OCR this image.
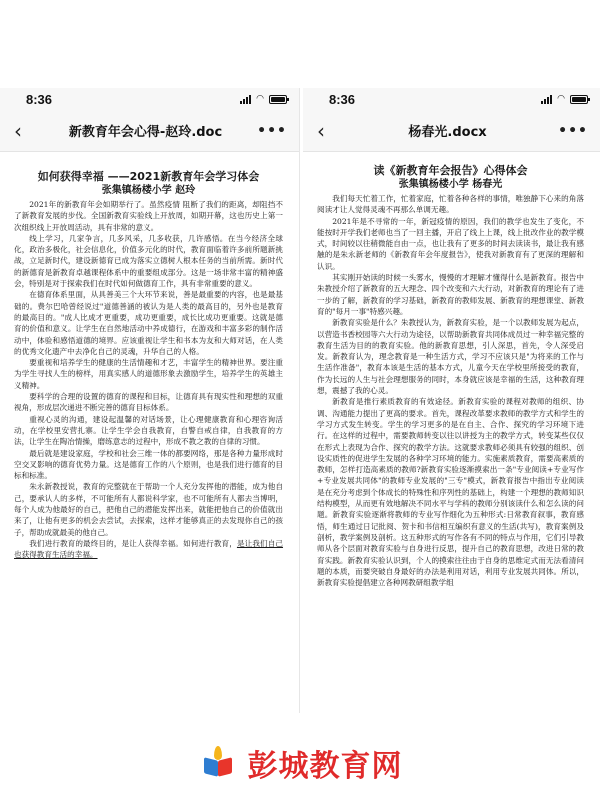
8:36	◠
‹	新教育年会心得-赵玲.doc •••
如何获得幸福 ——2021新教育年会学习体会
张集镇杨楼小学 赵玲

2021年的新教育年会如期举行了。虽然疫情 阻断了我们的距离，却阻挡不了新教育发展的步伐。全国新教育实验线上开放周，如期开幕，这也历史上第一次组织线上开放周活动，具有非常的意义。

线上学习，几家争言，几多风采，几多收获，几许感悟。在当今经济全球化，政治多极化，社会信息化，价值多元化的时代，教育面临着许多前所题新挑战，立足新时代，建设新德育已成为落实立德树人根本任务的当前所需。新时代的新德育是新教育卓越课程体系中的重要组成部分。这是一场非常丰富的精神盛会，特别是对于探索我们在时代如何做德育工作，具有非常重要的意义。

在德育体系里面，从具善美三个大环节来说，善是最重要的内容，也是最基础的。费尔巴哈曾经说过"道德善涵的被认为是人类的最高目的，另外也是教育的最高目的。"成人比成才更重要，成功更重要，成长比成功更重要。这就是德育的价值和意义。让学生在自然地活动中养成德行，在游戏和丰富多彩的制作活动中，体验和感悟道德的境界。应该重视让学生和书本为友和大师对话，在人类的优秀文化遗产中去净化自己的灵魂，升华自己的人格。

要重视和培养学生的健康的生活情趣和才艺，丰富学生的精神世界。要注重为学生寻找人生的榜样，用真实感人的道德形象去激励学生，培养学生的英雄主义精神。

要科学的合理的设置的德育的课程和目标，让德育具有现实性和理想的双重视角，形成层次递进不断完善的德育目标体系。

重视心灵的沟通，建设起温馨的对话场景，让心理健康教育和心理咨询活动，在学校里安营扎寨。让学生学会自我教育，自警自戒自律，自我教育的方法，让学生在陶冶情操，磨练意志的过程中，形成不教之教的自律的习惯。

最后就是建设家庭，学校和社会三维一体的都要网络，那是各种力量形成时空交叉影响的德育优势力量。这是德育工作的八个原则，也是我们进行德育的目标和标准。

朱永新教授说，教育的完整就在于帮助一个人充分发挥他的潜能，成为他自己，要承认人的多样，不可能所有人都说科学家，也不可能所有人都去当博明，每个人成为他最好的自己，把他自己的潜能发挥出来，就能把他自己的价值就出来了，让他有更多的机会去尝试，去探索，这样才能够真正的去发现你自己的孩子，帮助成就最美的他自己。

我们进行教育的最终目的，是让人获得幸福。如何进行教育，是让我们自己也获得教育生活的幸福。

8:36	◠
‹	杨春光.docx	•••
读《新教育年会报告》心得体会
张集镇杨楼小学 杨春光

我们每天忙着工作，忙着家庭，忙着各种各样的事情，唯独静下心来的角落阅读才让人觉得灵魂不再那么单调无趣。

2021年是不寻常的一年，新冠疫情的原因，我们的教学也发生了变化，不能按时开学我们老师也当了一回主播，开启了线上上课，线上批改作业的教学模式，时间较以往稍微能自由一点，也让我有了更多的时间去读读书，最让我有感触的是朱永新老师的《新教育年会年度报告》，使我对新教育有了更深的理解和认识。

其实刚开始读的时候一头雾水，慢慢的才理解才懂得什么是新教育。报告中朱教授介绍了新教育的五大理念、四个改变和六大行动，对新教育的理论有了进一步的了解，新教育的学习基础，新教育的教师发展、新教育的理想课堂、新教育的"每月一事"特感兴趣。

新教育实验是什么？朱教授认为，新教育实验，是一个以教师发展为起点，以营造书香校园等六大行动为途径，以帮助新教育共同体成员过一种幸福完整的教育生活为目的的教育实验。他的新教育思想，引人深思，首先，令人深受启发。新教育认为，理念教育是一种生活方式，学习不应该只是"为将来的工作与生活作准备"，教育本该是生活的基本方式，儿童今天在学校里所接受的教育，作为长远的人生与社会理想服务的同时，本身就应该是幸福的生活，这种教育理想，震撼了我的心灵。

新教育是推行素质教育的有效途径。新教育实验的课程对教师的组织、协调、沟通能力提出了更高的要求。首先，课程改革要求教师的教学方式和学生的学习方式发生转变。学生的学习更多的是在自主、合作、探究的学习环境下进行。在这样的过程中，需要教师转变以往以讲授为主的教学方式，转变某些仅仅在形式上表现为合作、探究的教学方法。这就要求教师必须具有较强的组织、创设实质性的促进学生发展的各种学习环境的能力。实施素质教育，需要高素质的教师，怎样打造高素质的教师?新教育实验逐渐摸索出一条"专业阅读+专业写作+专业发展共同体"的教师专业发展的"三专"模式，新教育报告中指出专业阅读是在充分考虑到个体成长的特殊性和序列性的基础上，构建一个理想的教师知识结构模型，从而更有效地解决不同水平与学科的教师分别该读什么和怎么读的问题。新教育实验逐渐将教师的专业写作细化为五种形式:日常教育叙事，教育感悟，师生通过日记批阅、贺卡和书信相互编织有意义的生活(共写)，教育案例及剖析，教学案例及剖析。这五种形式的写作各有不同的特点与作用，它们引导教师从各个层面对教育实验与自身进行反思，提升自己的教育思想，改进日常的教育实践。新教育实验认识到，个人的摸索往往由于自身的思维定式而无法看清问题的本质，而要突破自身最好的办法是利用对话，利用专业发展共同体。所以，新教育实验提倡建立各种网教研组教学组

彭城教育网
